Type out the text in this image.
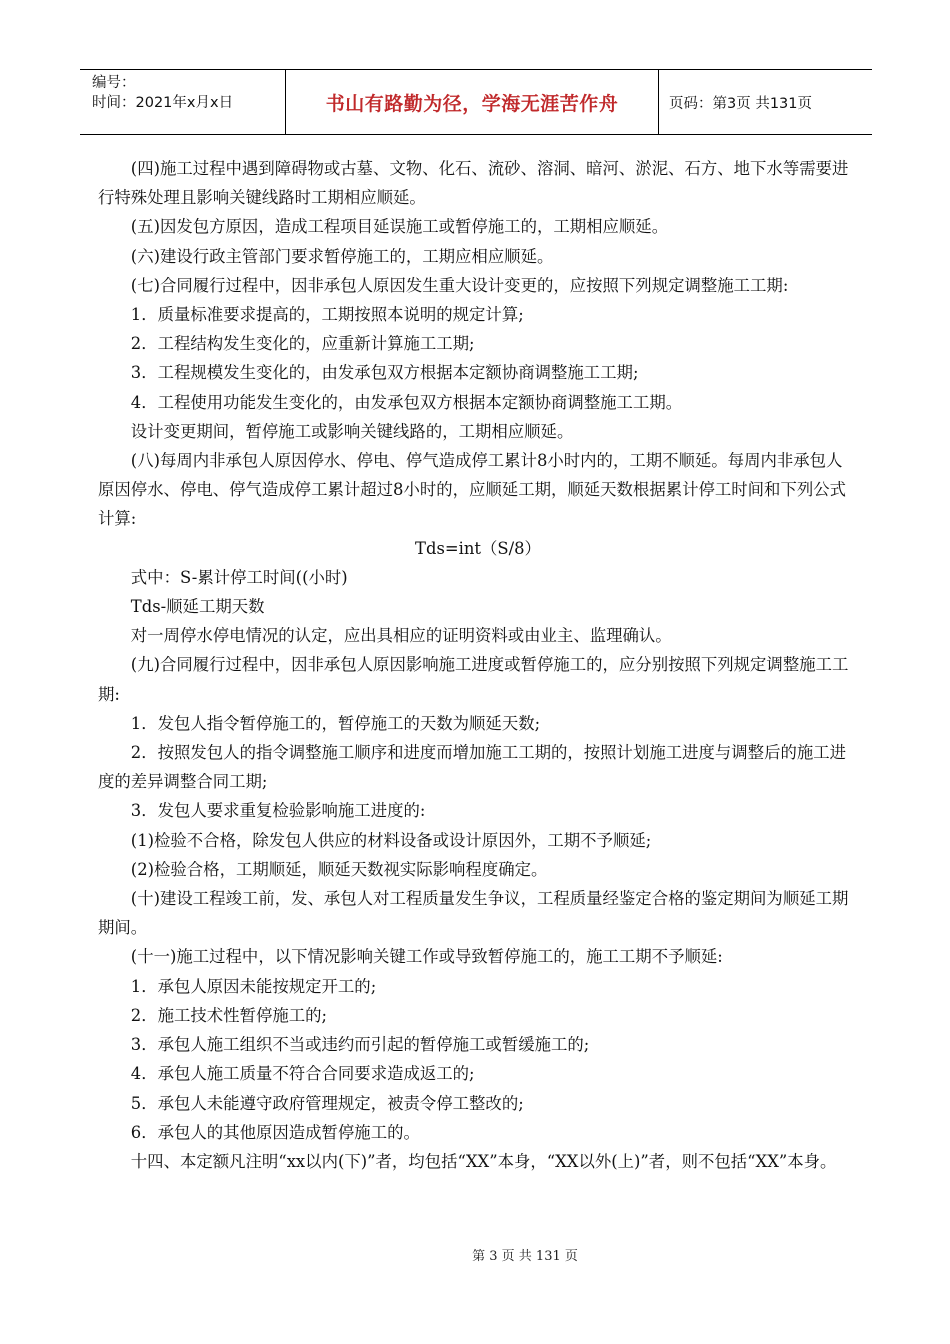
编号：
时间：2021年x月x日	书山有路勤为径，学海无涯苦作舟	页码：第3页 共131页

(四)施工过程中遇到障碍物或古墓、文物、化石、流砂、溶洞、暗河、淤泥、石方、地下水等需要进行特殊处理且影响关键线路时工期相应顺延。

(五)因发包方原因，造成工程项目延误施工或暂停施工的，工期相应顺延。

(六)建设行政主管部门要求暂停施工的，工期应相应顺延。

(七)合同履行过程中，因非承包人原因发生重大设计变更的，应按照下列规定调整施工工期:

1．质量标准要求提高的，工期按照本说明的规定计算;

2．工程结构发生变化的，应重新计算施工工期;

3．工程规模发生变化的，由发承包双方根据本定额协商调整施工工期;

4．工程使用功能发生变化的，由发承包双方根据本定额协商调整施工工期。

设计变更期间，暂停施工或影响关键线路的，工期相应顺延。

(八)每周内非承包人原因停水、停电、停气造成停工累计8小时内的，工期不顺延。每周内非承包人原因停水、停电、停气造成停工累计超过8小时的，应顺延工期，顺延天数根据累计停工时间和下列公式计算:

Tds=int（S/8）

式中：S-累计停工时间((小时)

Tds-顺延工期天数

对一周停水停电情况的认定，应出具相应的证明资料或由业主、监理确认。

(九)合同履行过程中，因非承包人原因影响施工进度或暂停施工的，应分别按照下列规定调整施工工期:

1．发包人指令暂停施工的，暂停施工的天数为顺延天数;

2．按照发包人的指令调整施工顺序和进度而增加施工工期的，按照计划施工进度与调整后的施工进度的差异调整合同工期;

3．发包人要求重复检验影响施工进度的:

(1)检验不合格，除发包人供应的材料设备或设计原因外，工期不予顺延;

(2)检验合格，工期顺延，顺延天数视实际影响程度确定。

(十)建设工程竣工前，发、承包人对工程质量发生争议，工程质量经鉴定合格的鉴定期间为顺延工期期间。

(十一)施工过程中，以下情况影响关键工作或导致暂停施工的，施工工期不予顺延:

1．承包人原因未能按规定开工的;

2．施工技术性暂停施工的;

3．承包人施工组织不当或违约而引起的暂停施工或暂缓施工的;

4．承包人施工质量不符合合同要求造成返工的;

5．承包人未能遵守政府管理规定，被责令停工整改的;

6．承包人的其他原因造成暂停施工的。

十四、本定额凡注明“xx以内(下)”者，均包括“XX”本身，“XX以外(上)”者，则不包括“XX”本身。

第 3 页 共 131 页
